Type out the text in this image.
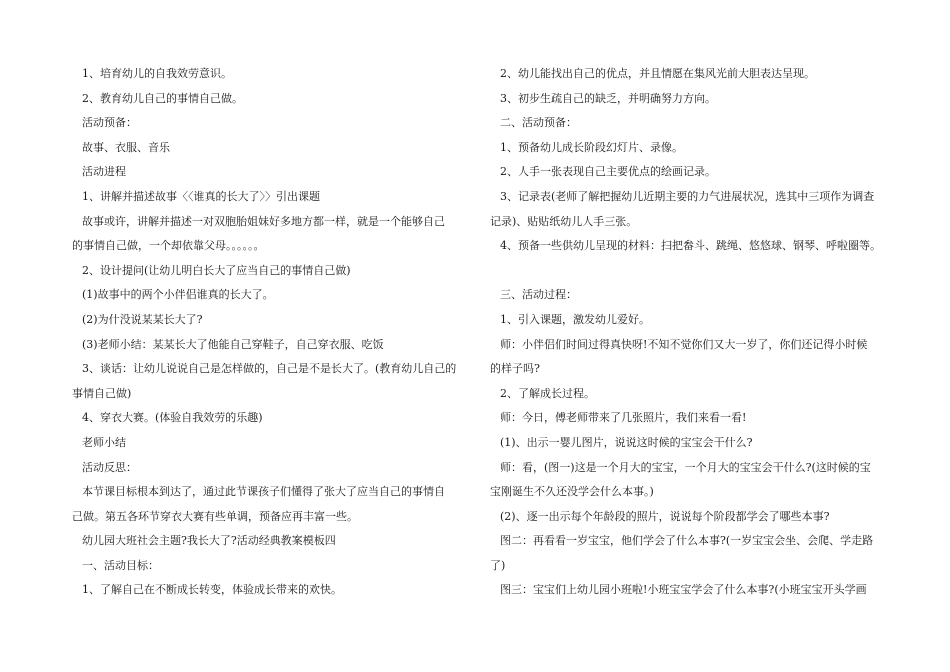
1、培育幼儿的自我效劳意识。
2、教育幼儿自己的事情自己做。
活动预备：
故事、衣服、音乐
活动进程
1、讲解并描述故事〈〈谁真的长大了〉〉引出课题
故事或许，讲解并描述一对双胞胎姐妹好多地方都一样，就是一个能够自己
的事情自己做，一个却依靠父母。。。。。。
2、设计提问(让幼儿明白长大了应当自己的事情自己做)
(1)故事中的两个小伴侣谁真的长大了。
(2)为什没说某某长大了?
(3)老师小结：某某长大了他能自己穿鞋子，自己穿衣服、吃饭
3、谈话：让幼儿说说自己是怎样做的，自己是不是长大了。(教育幼儿自己的
事情自己做)
4、穿衣大赛。(体验自我效劳的乐趣)
老师小结
活动反思：
本节课目标根本到达了，通过此节课孩子们懂得了张大了应当自己的事情自
己做。第五各环节穿衣大赛有些单调，预备应再丰富一些。
幼儿园大班社会主题?我长大了?活动经典教案模板四
一、活动目标：
1、了解自己在不断成长转变，体验成长带来的欢快。
2、幼儿能找出自己的优点，并且情愿在集风光前大胆表达呈现。
3、初步生疏自己的缺乏，并明确努力方向。
二、活动预备：
1、预备幼儿成长阶段幻灯片、录像。
2、人手一张表现自己主要优点的绘画记录。
3、记录表(老师了解把握幼儿近期主要的力气进展状况，选其中三项作为调查
记录)、贴贴纸幼儿人手三张。
4、预备一些供幼儿呈现的材料：扫把畚斗、跳绳、悠悠球、钢琴、呼啦圈等。
三、活动过程：
1、引入课题，激发幼儿爱好。
师：小伴侣们时间过得真快呀!不知不觉你们又大一岁了，你们还记得小时候
的样子吗?
2、了解成长过程。
师：今日，傅老师带来了几张照片，我们来看一看!
(1)、出示一婴儿图片，说说这时候的宝宝会干什么?
师：看，(图一)这是一个月大的宝宝，一个月大的宝宝会干什么?(这时候的宝
宝刚诞生不久还没学会什么本事。)
(2)、逐一出示每个年龄段的照片，说说每个阶段都学会了哪些本事?
图二：再看看一岁宝宝，他们学会了什么本事?(一岁宝宝会坐、会爬、学走路
了)
图三：宝宝们上幼儿园小班啦!小班宝宝学会了什么本事?(小班宝宝开头学画
